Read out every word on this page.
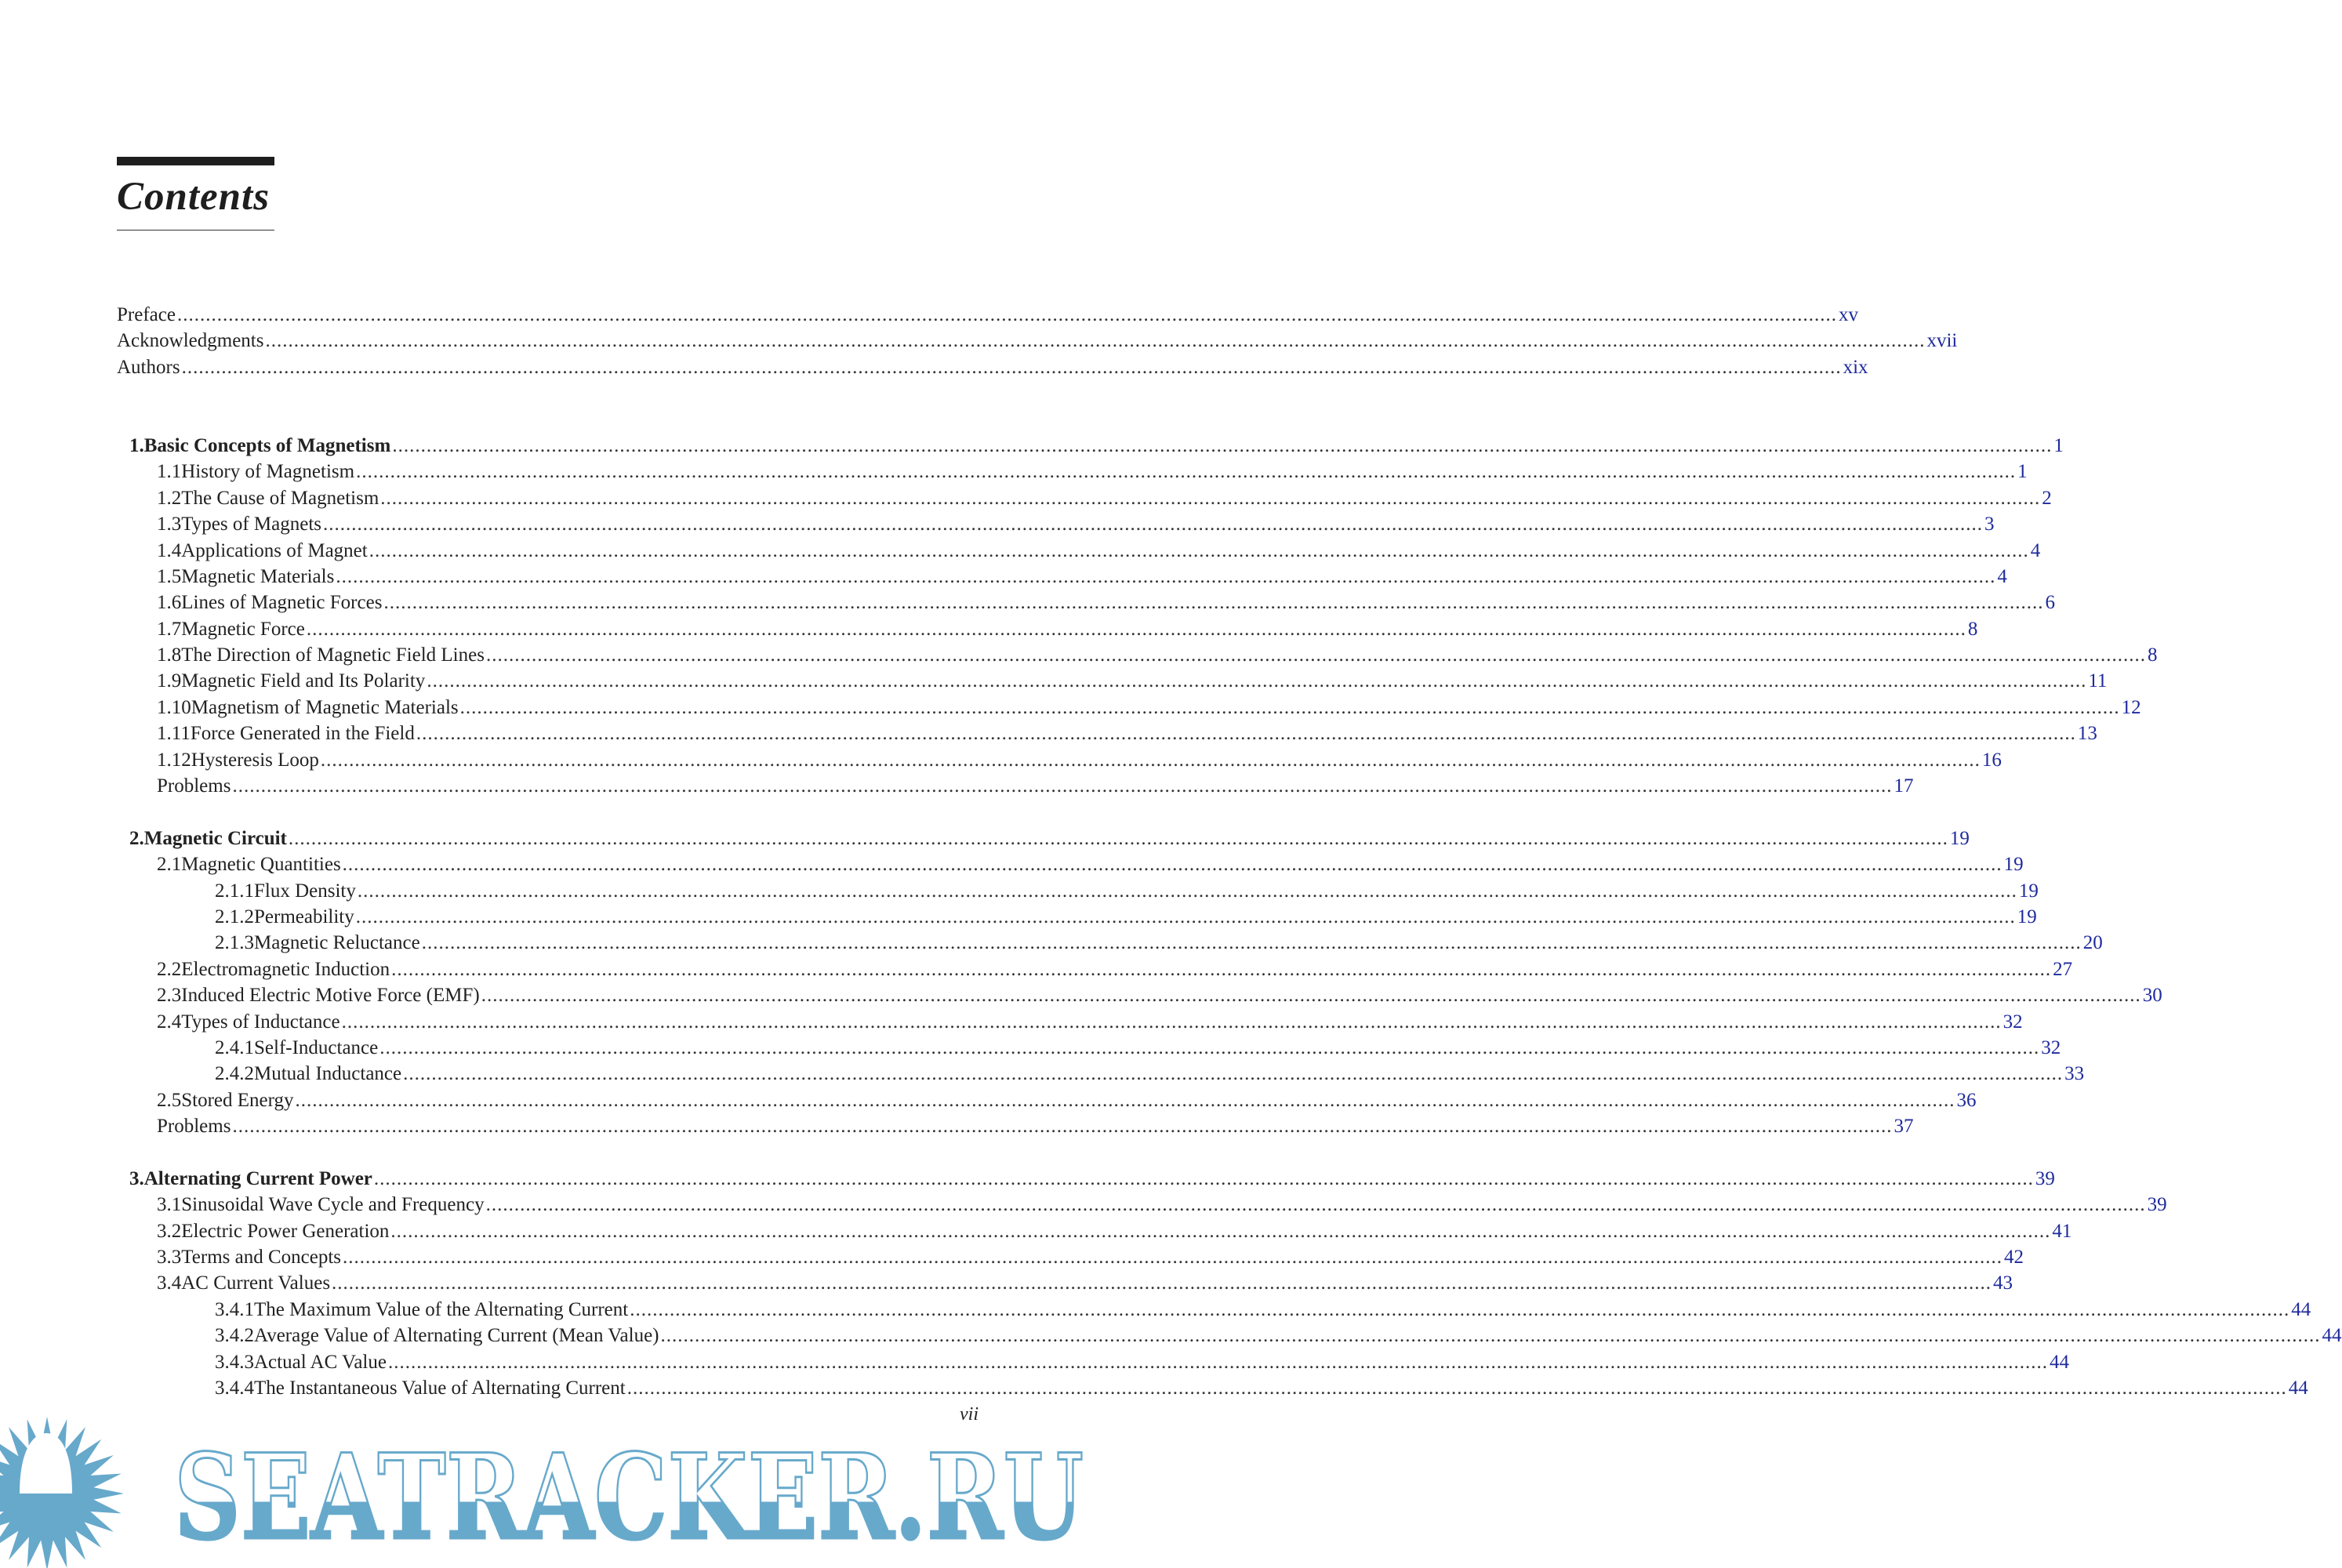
Contents
Preface .....	xv
Acknowledgments .....	xvii
Authors .....	xix
1. Basic Concepts of Magnetism .....	1
1.1 History of Magnetism .....	1
1.2 The Cause of Magnetism .....	2
1.3 Types of Magnets .....	3
1.4 Applications of Magnet .....	4
1.5 Magnetic Materials .....	4
1.6 Lines of Magnetic Forces .....	6
1.7 Magnetic Force .....	8
1.8 The Direction of Magnetic Field Lines .....	8
1.9 Magnetic Field and Its Polarity .....	11
1.10 Magnetism of Magnetic Materials .....	12
1.11 Force Generated in the Field .....	13
1.12 Hysteresis Loop .....	16
Problems .....	17
2. Magnetic Circuit .....	19
2.1 Magnetic Quantities .....	19
2.1.1 Flux Density .....	19
2.1.2 Permeability .....	19
2.1.3 Magnetic Reluctance .....	20
2.2 Electromagnetic Induction .....	27
2.3 Induced Electric Motive Force (EMF) .....	30
2.4 Types of Inductance .....	32
2.4.1 Self-Inductance .....	32
2.4.2 Mutual Inductance .....	33
2.5 Stored Energy .....	36
Problems .....	37
3. Alternating Current Power .....	39
3.1 Sinusoidal Wave Cycle and Frequency .....	39
3.2 Electric Power Generation .....	41
3.3 Terms and Concepts .....	42
3.4 AC Current Values .....	43
3.4.1 The Maximum Value of the Alternating Current .....	44
3.4.2 Average Value of Alternating Current (Mean Value) .....	44
3.4.3 Actual AC Value .....	44
3.4.4 The Instantaneous Value of Alternating Current .....	44
vii
SEATRACKER.RU
